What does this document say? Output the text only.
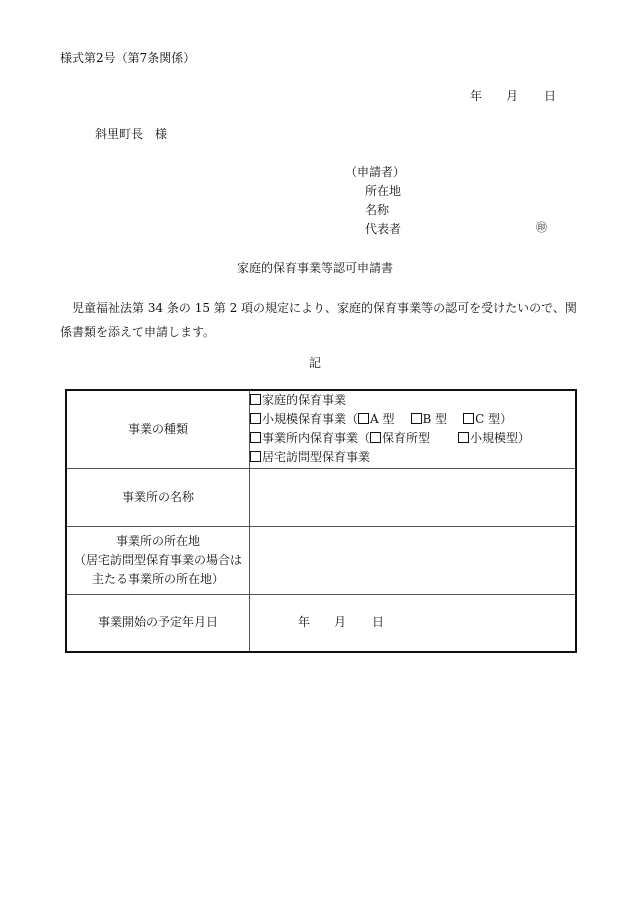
様式第2号（第7条関係）
年 月 日
斜里町長　様
（申請者）
所在地
名称
代表者	㊞
家庭的保育事業等認可申請書
児童福祉法第 34 条の 15 第 2 項の規定により、家庭的保育事業等の認可を受けたいので、関係書類を添えて申請します。
記
事業の種類	家庭的保育事業
小規模保育事業（ A 型 B 型 C 型）
事業所内保育事業（ 保育所型 小規模型）
居宅訪問型保育事業

事業所の名称	

事業所の所在地
（居宅訪問型保育事業の場合は
主たる事業所の所在地）	

事業開始の予定年月日	年 月 日
